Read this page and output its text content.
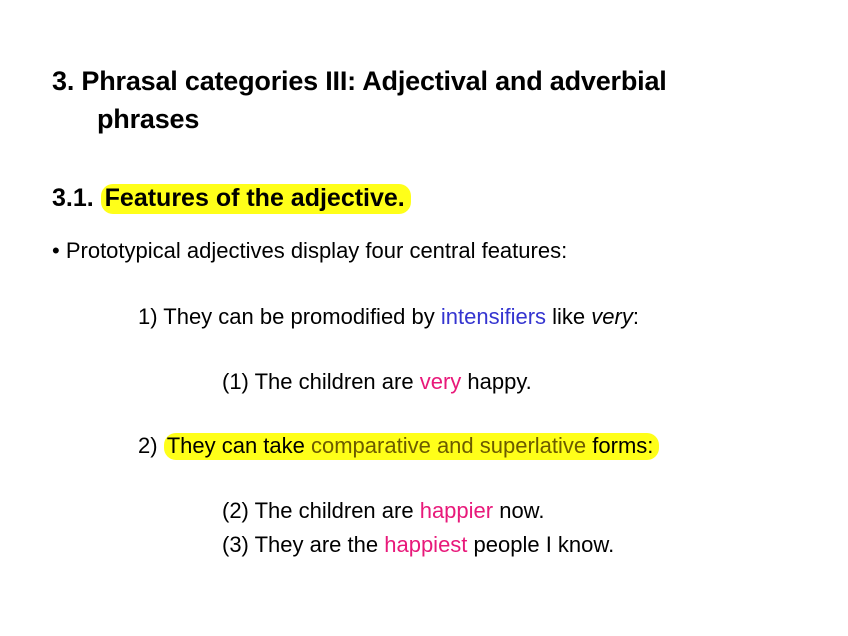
3. Phrasal categories III: Adjectival and adverbial
phrases
3.1. Features of the adjective.
• Prototypical adjectives display four central features:
1) They can be promodified by intensifiers like very:
(1) The children are very happy.
2) They can take comparative and superlative forms:
(2) The children are happier now.
(3) They are the happiest people I know.
